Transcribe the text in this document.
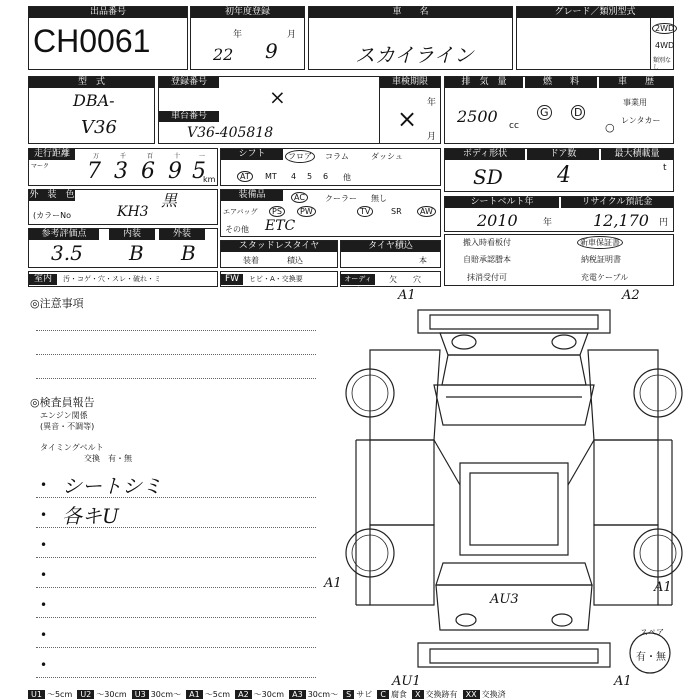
出品番号
CH0061
初年度登録
年	月
22 9
車　　名
スカイライン
グレード／類別型式
2WD
4WD
類別なし
型　式
DBA-
V36
登録番号
×
車台番号
V36-405818
車検期限
年
月
×
排　気　量
2500 cc
燃　　料
G D
車　　歴
事業用
レンタカー
○
走行距離
マーク
万	千	百	十	一
7 3 6 9 5
km
シフト	フロア	コラム	ダッシュ
AT	MT 4 5 6 他
ボディ形状
SD
ドア数
4
最大積載量
t
外　装　色	黒
(カラーNo	KH3
装備品	AC	クーラー 無し
エアバッグ	PS	PW	TV	SR	AW
その他 ETC
シートベルト年
2010	年
リサイクル預託金
12,170 円
参考評価点
3.5
内装
B
外装
B	スタッドレスタイヤ
装着	積込
タイヤ積込
本
搬入時看板付	新車保証書
自賠承認謄本	納税証明書
抹消受付可	充電ケーブル
室内	汚・コゲ・穴・スレ・破れ・ミ	FW	ヒビ・A・交換要	オーディオ
欠 穴
◎注意事項
◎検査員報告
エンジン関係
(異音・不調等)
タイミングベルト
交換　有・無
• シートシミ
• 各キU
•
•
•
•
•
A1	A2
A1
AU3
A1
AU1	A1
スペア
有・無
U1 ～5cm U2 ～30cm U3 30cm～ A1 ～5cm A2 ～30cm A3 30cm～ S サビ C 腐食 X 交換跡有 XX 交換済
